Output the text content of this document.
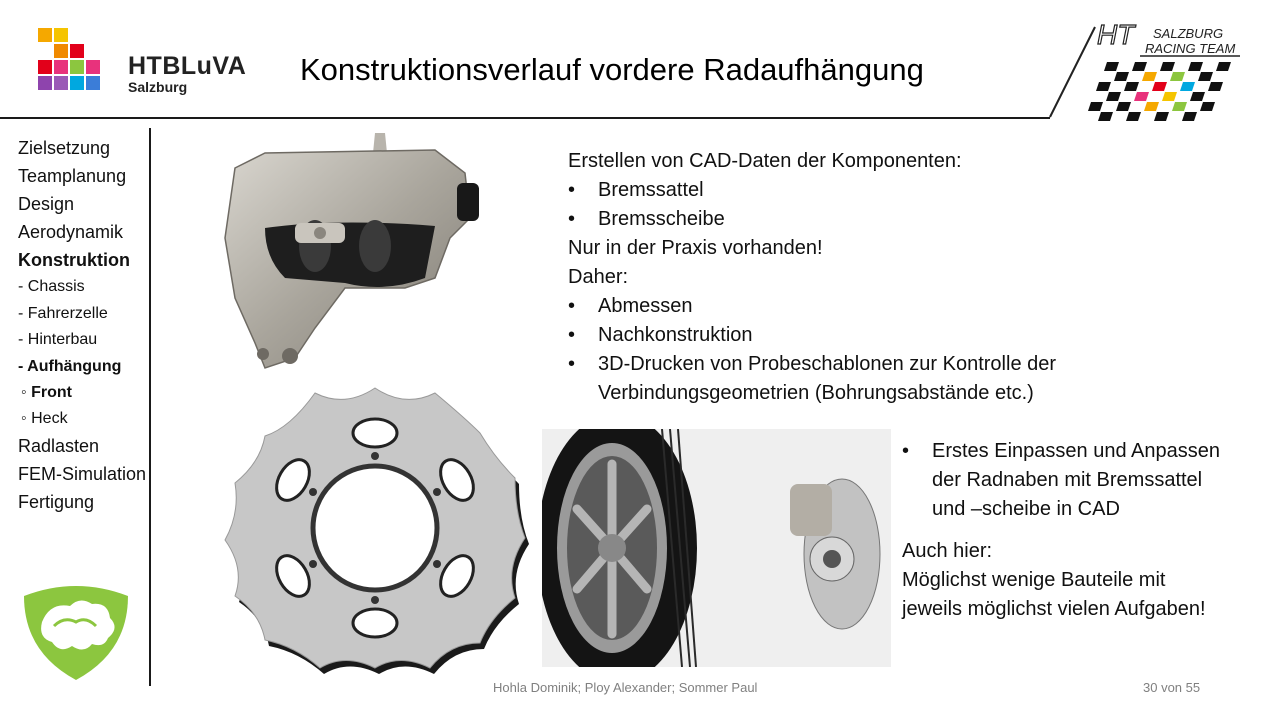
HTBLuVA
Salzburg	Konstruktionsverlauf vordere Radaufhängung
HT SALZBURG
RACING TEAM
Zielsetzung
Teamplanung
Design
Aerodynamik
Konstruktion
- Chassis
- Fahrerzelle
- Hinterbau
- Aufhängung
◦ Front
◦ Heck
Radlasten
FEM-Simulation
Fertigung
Erstellen von CAD-Daten der Komponenten:
• Bremssattel
• Bremsscheibe
Nur in der Praxis vorhanden!
Daher:
• Abmessen
• Nachkonstruktion
• 3D-Drucken von Probeschablonen zur Kontrolle der
Verbindungsgeometrien (Bohrungsabstände etc.)
• Erstes Einpassen und Anpassen
der Radnaben mit Bremssattel
und –scheibe in CAD
Auch hier:
Möglichst wenige Bauteile mit
jeweils möglichst vielen Aufgaben!
Hohla Dominik; Ploy Alexander; Sommer Paul	30 von 55
